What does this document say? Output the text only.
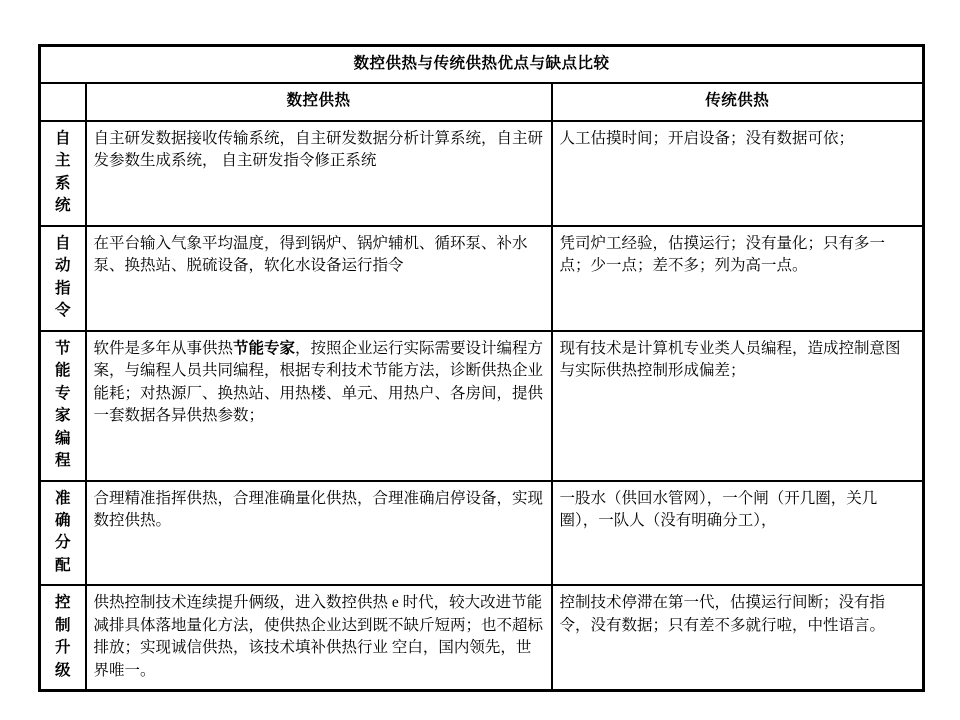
数控供热与传统供热优点与缺点比较		
	数控供热	传统供热

自主
系统	自主研发数据接收传输系统，自主研发数据分析计算系统，自主研发参数生成系统， 自主研发指令修正系统	人工估摸时间；开启设备；没有数据可依；

自动
指令	在平台输入气象平均温度，得到锅炉、锅炉辅机、循环泵、补水泵、换热站、脱硫设备，软化水设备运行指令	凭司炉工经验，估摸运行；没有量化；只有多一点；少一点；差不多；列为高一点。

节能
专家
编程	软件是多年从事供热节能专家，按照企业运行实际需要设计编程方案，与编程人员共同编程，根据专利技术节能方法，诊断供热企业能耗；对热源厂、换热站、用热楼、单元、用热户、各房间，提供一套数据各异供热参数；	现有技术是计算机专业类人员编程，造成控制意图与实际供热控制形成偏差；

准确
分配	合理精准指挥供热，合理准确量化供热，合理准确启停设备，实现数控供热。	一股水（供回水管网），一个闸（开几圈，关几圈），一队人（没有明确分工），

控制
升级	供热控制技术连续提升俩级，进入数控供热 e 时代，较大改进节能减排具体落地量化方法，使供热企业达到既不缺斤短两；也不超标排放；实现诚信供热，该技术填补供热行业 空白，国内领先，世界唯一。	控制技术停滞在第一代，估摸运行间断；没有指令，没有数据；只有差不多就行啦，中性语言。
